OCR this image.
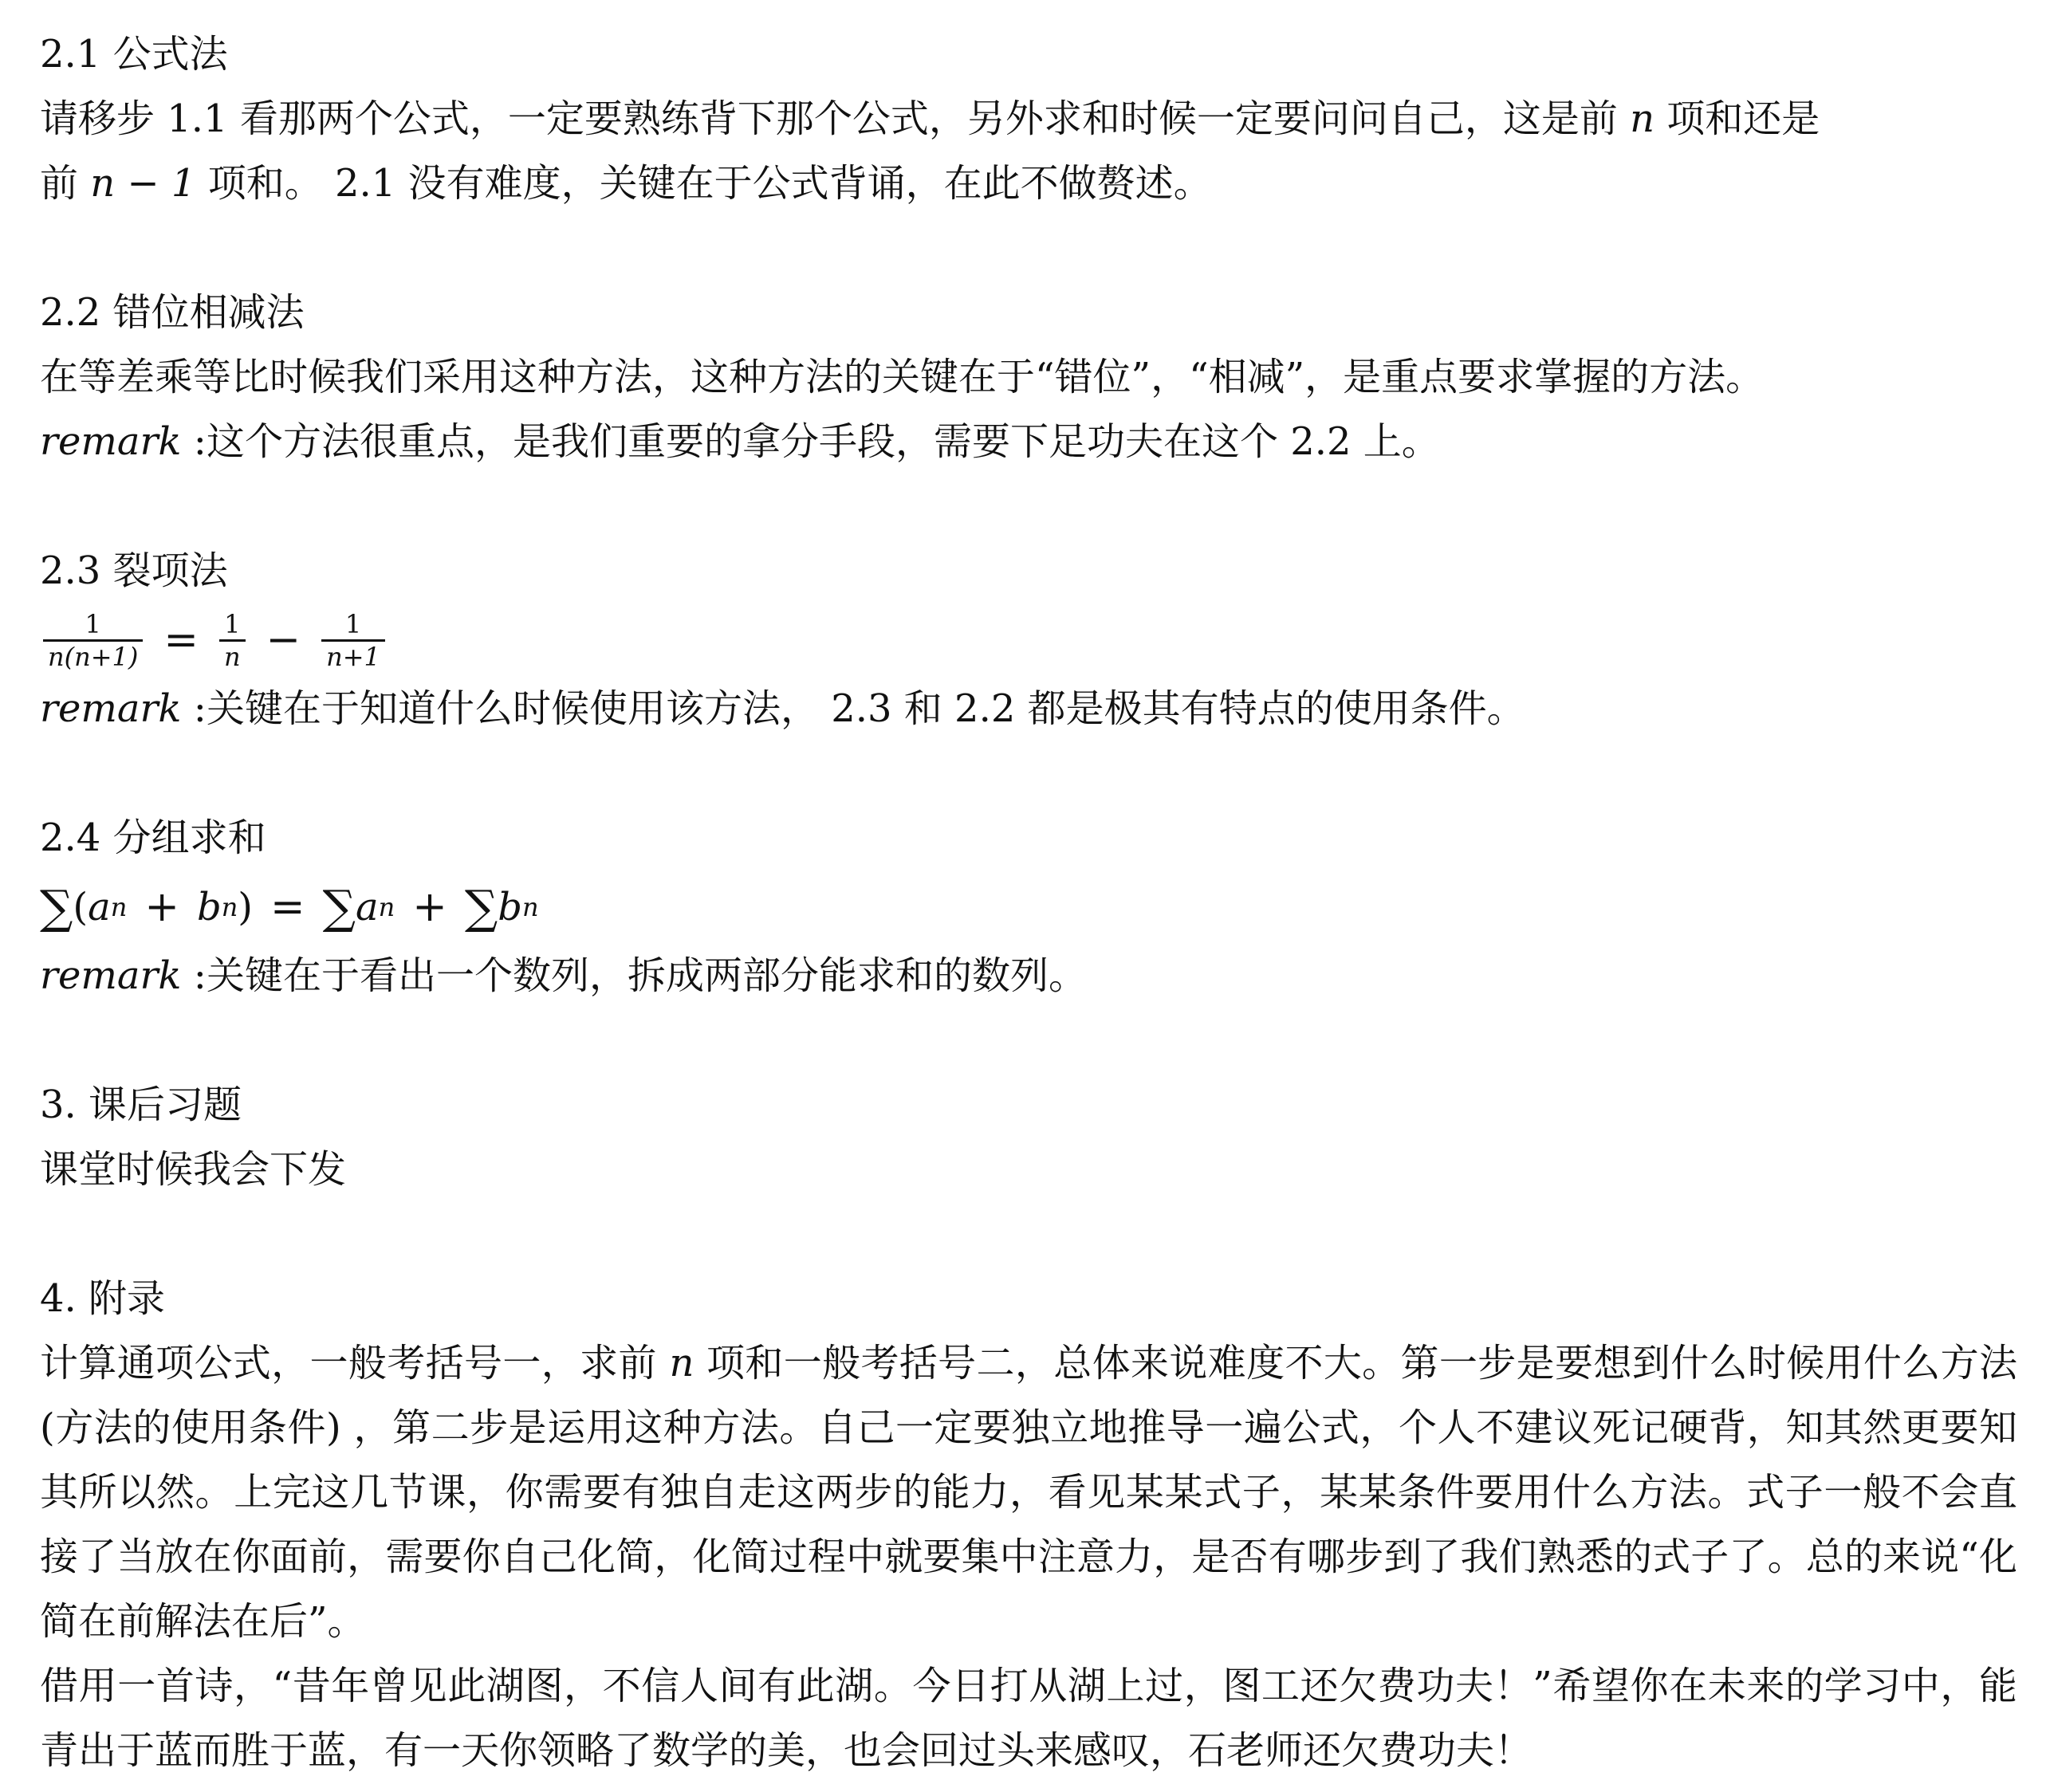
2.1 公式法
请移步 1.1 看那两个公式，一定要熟练背下那个公式，另外求和时候一定要问问自己，这是前 n 项和还是
前 n − 1 项和。 2.1 没有难度，关键在于公式背诵，在此不做赘述。
2.2 错位相减法
在等差乘等比时候我们采用这种方法，这种方法的关键在于“错位”，“相减”，是重点要求掌握的方法。
remark :这个方法很重点，是我们重要的拿分手段，需要下足功夫在这个 2.2 上。
2.3 裂项法
$\frac{1}{n(n+1)} = \frac{1}{n} - \frac{1}{n+1}$
remark :关键在于知道什么时候使用该方法， 2.3 和 2.2 都是极其有特点的使用条件。
2.4 分组求和
∑ ( a n + b n ) = ∑ a n + ∑ b n
remark :关键在于看出一个数列，拆成两部分能求和的数列。
3. 课后习题
课堂时候我会下发
4. 附录
计算通项公式，一般考括号一，求前 n 项和一般考括号二，总体来说难度不大。第一步是要想到什么时候用什么方法 (方法的使用条件) ，第二步是运用这种方法。自己一定要独立地推导一遍公式，个人不建议死记硬背，知其然更要知其所以然。上完这几节课，你需要有独自走这两步的能力，看见某某式子，某某条件要用什么方法。式子一般不会直接了当放在你面前，需要你自己化简，化简过程中就要集中注意力，是否有哪步到了我们熟悉的式子了。总的来说“化简在前解法在后”。
借用一首诗，“昔年曾见此湖图，不信人间有此湖。今日打从湖上过，图工还欠费功夫！”希望你在未来的学习中，能青出于蓝而胜于蓝，有一天你领略了数学的美，也会回过头来感叹，石老师还欠费功夫！
